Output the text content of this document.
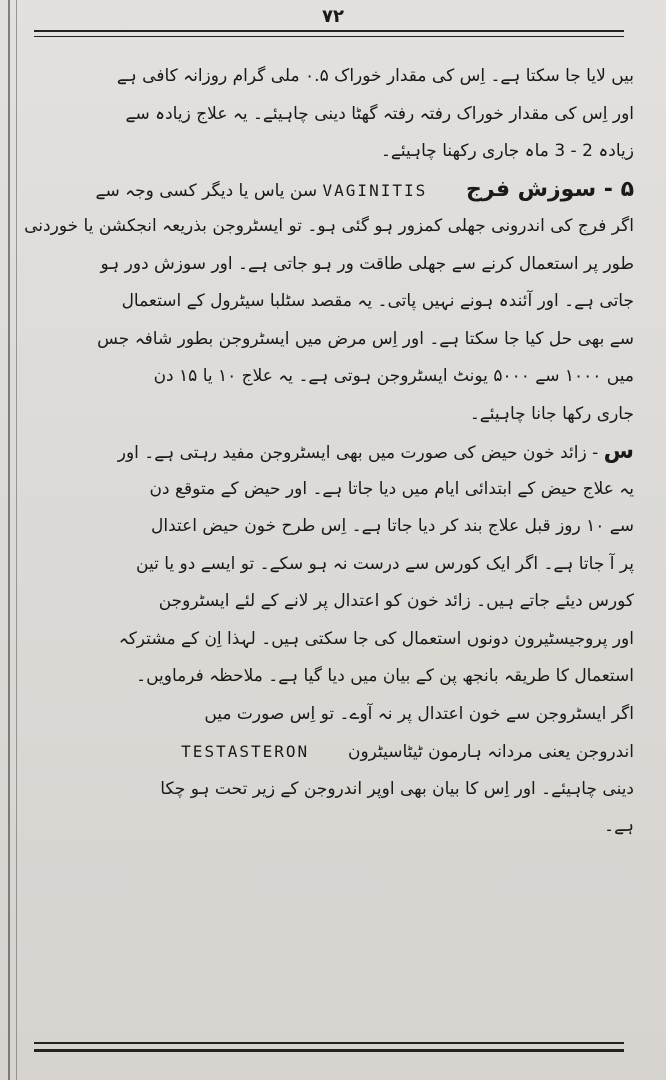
۷۲
بیں لایا جا سکتا ہے۔ اِس کی مقدار خوراک ۰.۵ ملی گرام روزانہ کافی ہے
اور اِس کی مقدار خوراک رفتہ رفتہ گھٹا دینی چاہیئے۔ یہ علاج زیادہ سے
زیادہ 2 - 3 ماہ جاری رکھنا چاہیئے۔
۵ - سوزش فرج  VAGINITIS سن یاس یا دیگر کسی وجہ سے
اگر فرج کی اندرونی جھلی کمزور ہو گئی ہو۔ تو ایسٹروجن بذریعہ انجکشن یا خوردنی
طور پر استعمال کرنے سے جھلی طاقت ور ہو جاتی ہے۔ اور سوزش دور ہو
جاتی ہے۔ اور آئندہ ہونے نہیں پاتی۔ یہ مقصد سٹلبا سیٹرول کے استعمال
سے بھی حل کیا جا سکتا ہے۔ اور اِس مرض میں ایسٹروجن بطور شافہ جس
میں ۱۰۰۰ سے ۵۰۰۰ یونٹ ایسٹروجن ہوتی ہے۔ یہ علاج ۱۰ یا ۱۵ دن
جاری رکھا جانا چاہیئے۔
س - زائد خون حیض کی صورت میں بھی ایسٹروجن مفید رہتی ہے۔ اور
یہ علاج حیض کے ابتدائی ایام میں دیا جاتا ہے۔ اور حیض کے متوقع دن
سے ۱۰ روز قبل علاج بند کر دیا جاتا ہے۔ اِس طرح خون حیض اعتدال
پر آ جاتا ہے۔ اگر ایک کورس سے درست نہ ہو سکے۔ تو ایسے دو یا تین
کورس دیئے جاتے ہیں۔ زائد خون کو اعتدال پر لانے کے لئے ایسٹروجن
اور پروجیسٹیرون دونوں استعمال کی جا سکتی ہیں۔ لہذا اِن کے مشترکہ
استعمال کا طریقہ بانجھ پن کے بیان میں دیا گیا ہے۔ ملاحظہ فرماویں۔
اگر ایسٹروجن سے خون اعتدال پر نہ آوے۔ تو اِس صورت میں
اندروجن یعنی مردانہ ہارمون ٹیٹاسیٹرون  TESTASTERON
دینی چاہیئے۔ اور اِس کا بیان بھی اوپر اندروجن کے زیر تحت ہو چکا
ہے۔
